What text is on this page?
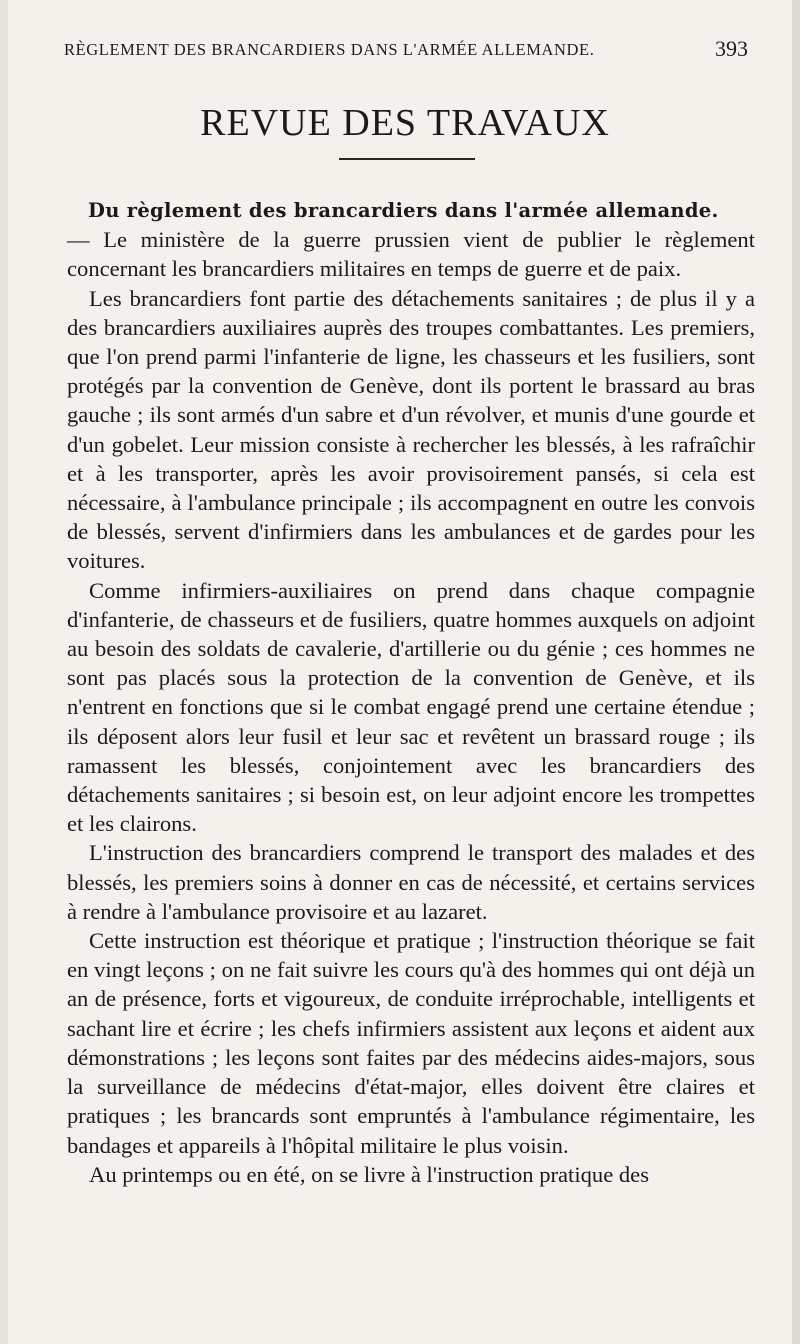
RÈGLEMENT DES BRANCARDIERS DANS L'ARMÉE ALLEMANDE.	393
REVUE DES TRAVAUX

Du règlement des brancardiers dans l'armée allemande.
— Le ministère de la guerre prussien vient de publier le règlement concernant les brancardiers militaires en temps de guerre et de paix.

Les brancardiers font partie des détachements sanitaires ; de plus il y a des brancardiers auxiliaires auprès des troupes combattantes. Les premiers, que l'on prend parmi l'infanterie de ligne, les chasseurs et les fusiliers, sont protégés par la convention de Genève, dont ils portent le brassard au bras gauche ; ils sont armés d'un sabre et d'un révolver, et munis d'une gourde et d'un gobelet. Leur mission consiste à rechercher les blessés, à les rafraîchir et à les transporter, après les avoir provisoirement pansés, si cela est nécessaire, à l'ambulance principale ; ils accompagnent en outre les convois de blessés, servent d'infirmiers dans les ambulances et de gardes pour les voitures.

Comme infirmiers-auxiliaires on prend dans chaque compagnie d'infanterie, de chasseurs et de fusiliers, quatre hommes auxquels on adjoint au besoin des soldats de cavalerie, d'artillerie ou du génie ; ces hommes ne sont pas placés sous la protection de la convention de Genève, et ils n'entrent en fonctions que si le combat engagé prend une certaine étendue ; ils déposent alors leur fusil et leur sac et revêtent un brassard rouge ; ils ramassent les blessés, conjointement avec les brancardiers des détachements sanitaires ; si besoin est, on leur adjoint encore les trompettes et les clairons.

L'instruction des brancardiers comprend le transport des malades et des blessés, les premiers soins à donner en cas de nécessité, et certains services à rendre à l'ambulance provisoire et au lazaret.

Cette instruction est théorique et pratique ; l'instruction théorique se fait en vingt leçons ; on ne fait suivre les cours qu'à des hommes qui ont déjà un an de présence, forts et vigoureux, de conduite irréprochable, intelligents et sachant lire et écrire ; les chefs infirmiers assistent aux leçons et aident aux démonstrations ; les leçons sont faites par des médecins aides-majors, sous la surveillance de médecins d'état-major, elles doivent être claires et pratiques ; les brancards sont empruntés à l'ambulance régimentaire, les bandages et appareils à l'hôpital militaire le plus voisin.

Au printemps ou en été, on se livre à l'instruction pratique des
